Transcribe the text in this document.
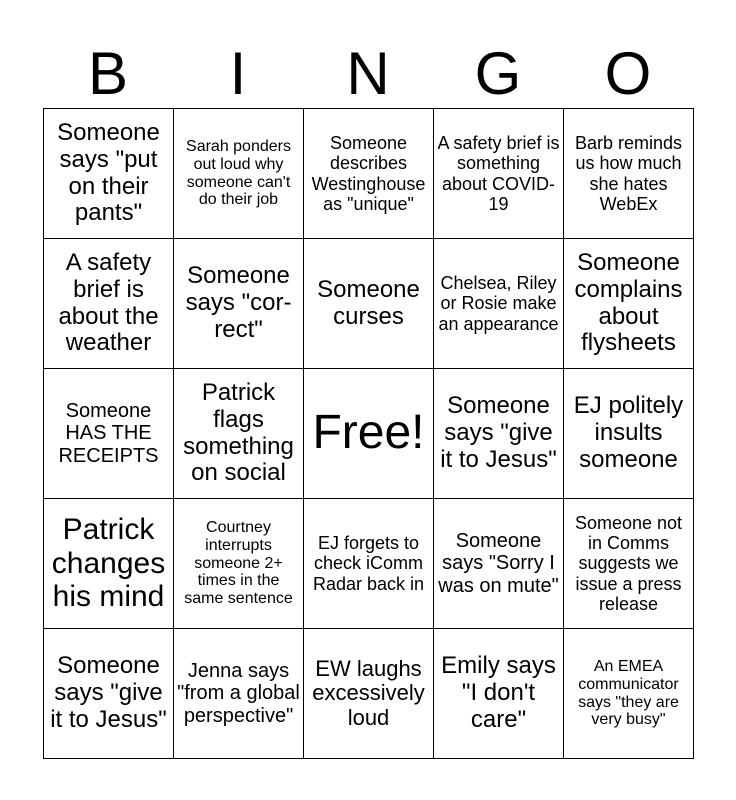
B	I	N	G	O
Someone says "put on their pants"	Sarah ponders out loud why someone can't do their job	Someone describes Westinghouse as "unique"	A safety brief is something about COVID-19	Barb reminds us how much she hates WebEx

A safety brief is about the weather	Someone says "cor-rect"	Someone curses	Chelsea, Riley or Rosie make an appearance	Someone complains about flysheets

Someone HAS THE RECEIPTS	Patrick flags something on social	Free!	Someone says "give it to Jesus"	EJ politely insults someone

Patrick changes his mind	Courtney interrupts someone 2+ times in the same sentence	EJ forgets to check iComm Radar back in	Someone says "Sorry I was on mute"	Someone not in Comms suggests we issue a press release

Someone says "give it to Jesus"	Jenna says "from a global perspective"	EW laughs excessively loud	Emily says "I don't care"	An EMEA communicator says "they are very busy"
